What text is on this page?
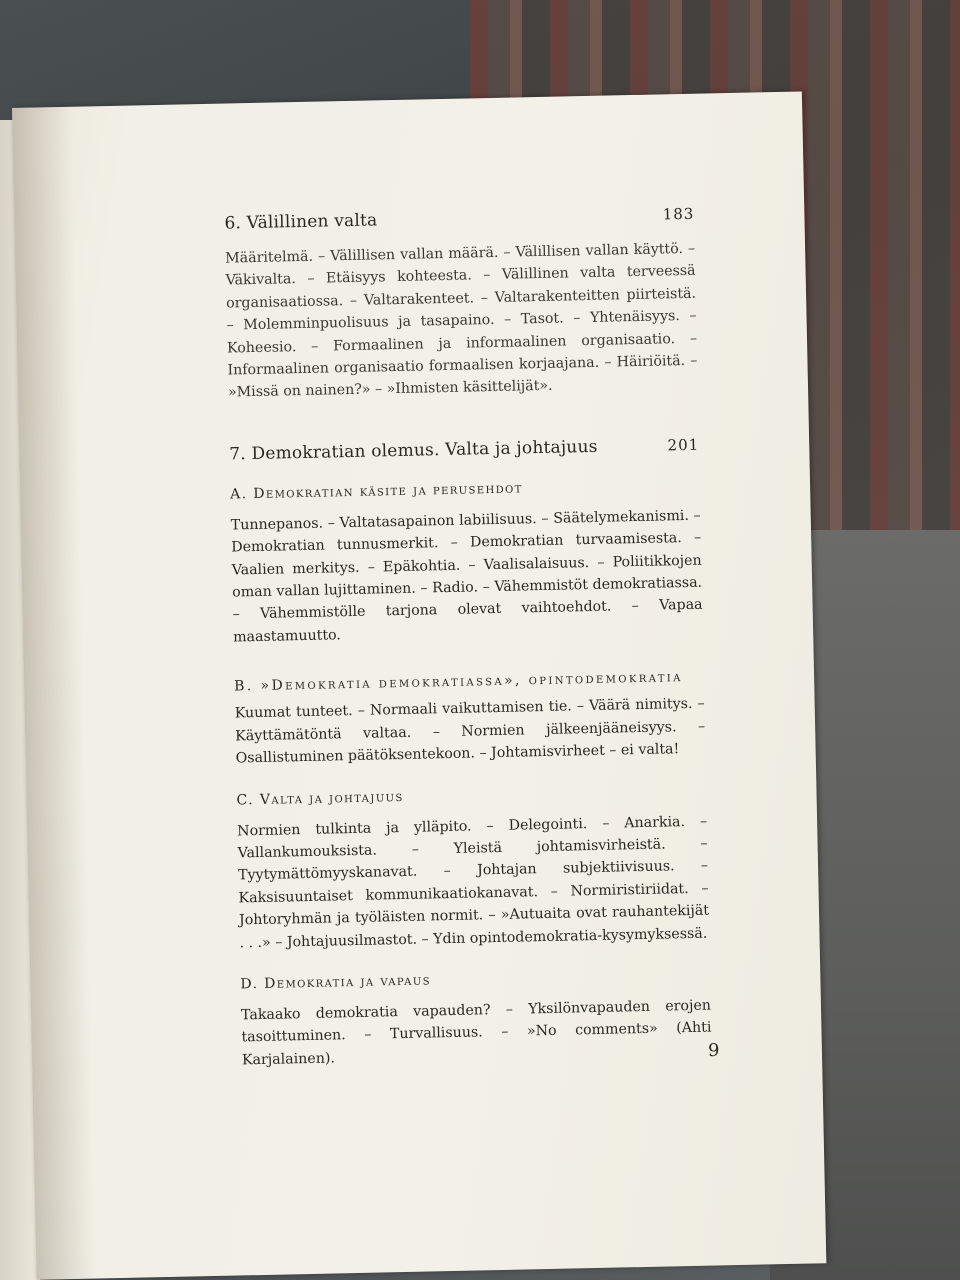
6. Välillinen valta	183

Määritelmä. – Välillisen vallan määrä. – Välillisen vallan käyttö. – Väkivalta. – Etäisyys kohteesta. – Välillinen valta terveessä organisaatiossa. – Valtarakenteet. – Valtarakenteitten piirteistä. – Molemminpuolisuus ja tasapaino. – Tasot. – Yhtenäisyys. – Koheesio. – Formaalinen ja informaalinen organisaatio. – Informaalinen organisaatio formaalisen korjaajana. – Häiriöitä. – »Missä on nainen?» – »Ihmisten käsittelijät».

7. Demokratian olemus. Valta ja johtajuus	201
A. Demokratian käsite ja perusehdot

Tunnepanos. – Valtatasapainon labiilisuus. – Säätelymekanismi. – Demokratian tunnusmerkit. – Demokratian turvaamisesta. – Vaalien merkitys. – Epäkohtia. – Vaalisalaisuus. – Poliitikkojen oman vallan lujittaminen. – Radio. – Vähemmistöt demokratiassa. – Vähemmistölle tarjona olevat vaihtoehdot. – Vapaa maastamuutto.

B. »Demokratia demokratiassa», opintodemokratia

Kuumat tunteet. – Normaali vaikuttamisen tie. – Väärä nimitys. – Käyttämätöntä valtaa. – Normien jälkeenjääneisyys. – Osallistuminen päätöksentekoon. – Johtamisvirheet – ei valta!

C. Valta ja johtajuus

Normien tulkinta ja ylläpito. – Delegointi. – Anarkia. – Vallankumouksista. – Yleistä johtamisvirheistä. – Tyytymättömyyskanavat. – Johtajan subjektiivisuus. – Kaksisuuntaiset kommunikaatiokanavat. – Normiristiriidat. – Johtoryhmän ja työläisten normit. – »Autuaita ovat rauhantekijät . . .» – Johtajuusilmastot. – Ydin opintodemokratia-kysymyksessä.

D. Demokratia ja vapaus

Takaako demokratia vapauden? – Yksilönvapauden erojen tasoittuminen. – Turvallisuus. – »No comments» (Ahti Karjalainen).	9
